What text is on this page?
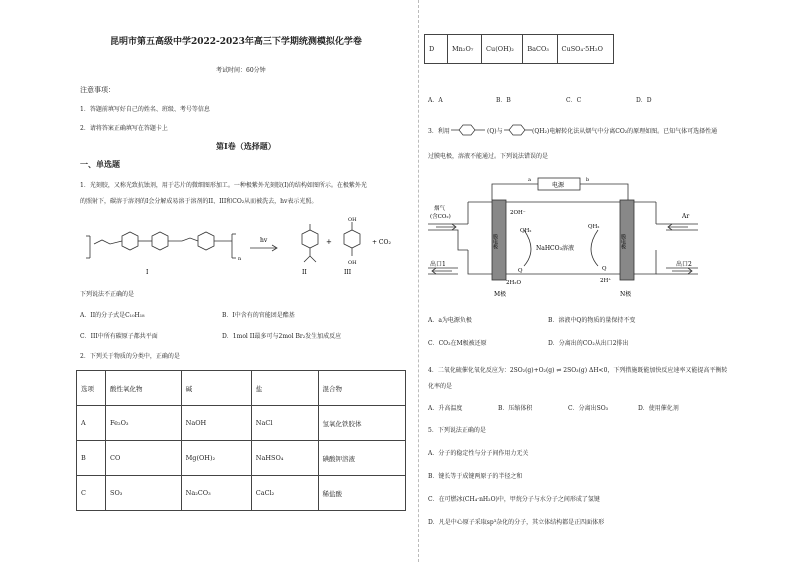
昆明市第五高级中学2022-2023年高三下学期统测模拟化学卷
考试时间：60分钟
注意事项：
1．答题前填写好自己的姓名、班级、考号等信息
2．请将答案正确填写在答题卡上
第I卷（选择题）
一、单选题
1．光刻胶，又称光致抗蚀剂，用于芯片的微细图形加工。一种极紫外光刻胶(I)的结构如图所示。在极紫外光
的照射下，碳溶于溶剂的I会分解成易溶于溶剂的II、III和CO₂从而被洗去，hv表示光照。
hv
n
+	+ CO₂
OH
OH
I	II	III
下列说法不正确的是
A．II的分子式是C₁₀H₁₈	B．I中含有的官能团是酯基
C．III中所有碳原子都共平面	D．1mol II最多可与2mol Br₂发生加成反应
2．下列关于物质的分类中，正确的是
选项	酸性氧化物	碱	盐	混合物
A	Fe₂O₃	NaOH	NaCl	氢氧化铁胶体
B	CO	Mg(OH)₂	NaHSO₄	碘酸钾溶液
C	SO₃	Na₂CO₃	CaCl₂	稀盐酸
D	Mn₂O₇	Cu(OH)₂	BaCO₃	CuSO₄·5H₂O
A．A	B．B	C．C	D．D
3．利用	(Q)与	(QH₂)电解转化法从烟气中分离CO₂的原理如图。已知气体可选择性通
过膜电极，溶液不能通过。下列说法错误的是
电源
a	b
烟气
(含CO₂)	Ar
2OH⁻
QH₂
Q
2H₂O
QH₂
Q
2H⁺
NaHCO₃溶液
膜电极	膜电极
出口1	出口2
M极	N极
A．a为电源负极	B．溶液中Q的物质的量保持不变
C．CO₂在M极被还原	D．分离出的CO₂从出口2排出
4．二氧化硫催化氧化反应为：2SO₂(g)+O₂(g) ⇌ 2SO₃(g) ΔH<0，下列措施既能加快反应速率又能提高平衡转
化率的是
A．升高温度	B．压缩体积	C．分离出SO₃	D．使用催化剂
5．下列说法正确的是
A．分子的稳定性与分子间作用力无关
B．键长等于成键两原子的半径之和
C．在可燃冰(CH₄·nH₂O)中，甲烷分子与水分子之间形成了氢键
D．凡是中心原子采取sp³杂化的分子，其立体结构都是正四面体形
